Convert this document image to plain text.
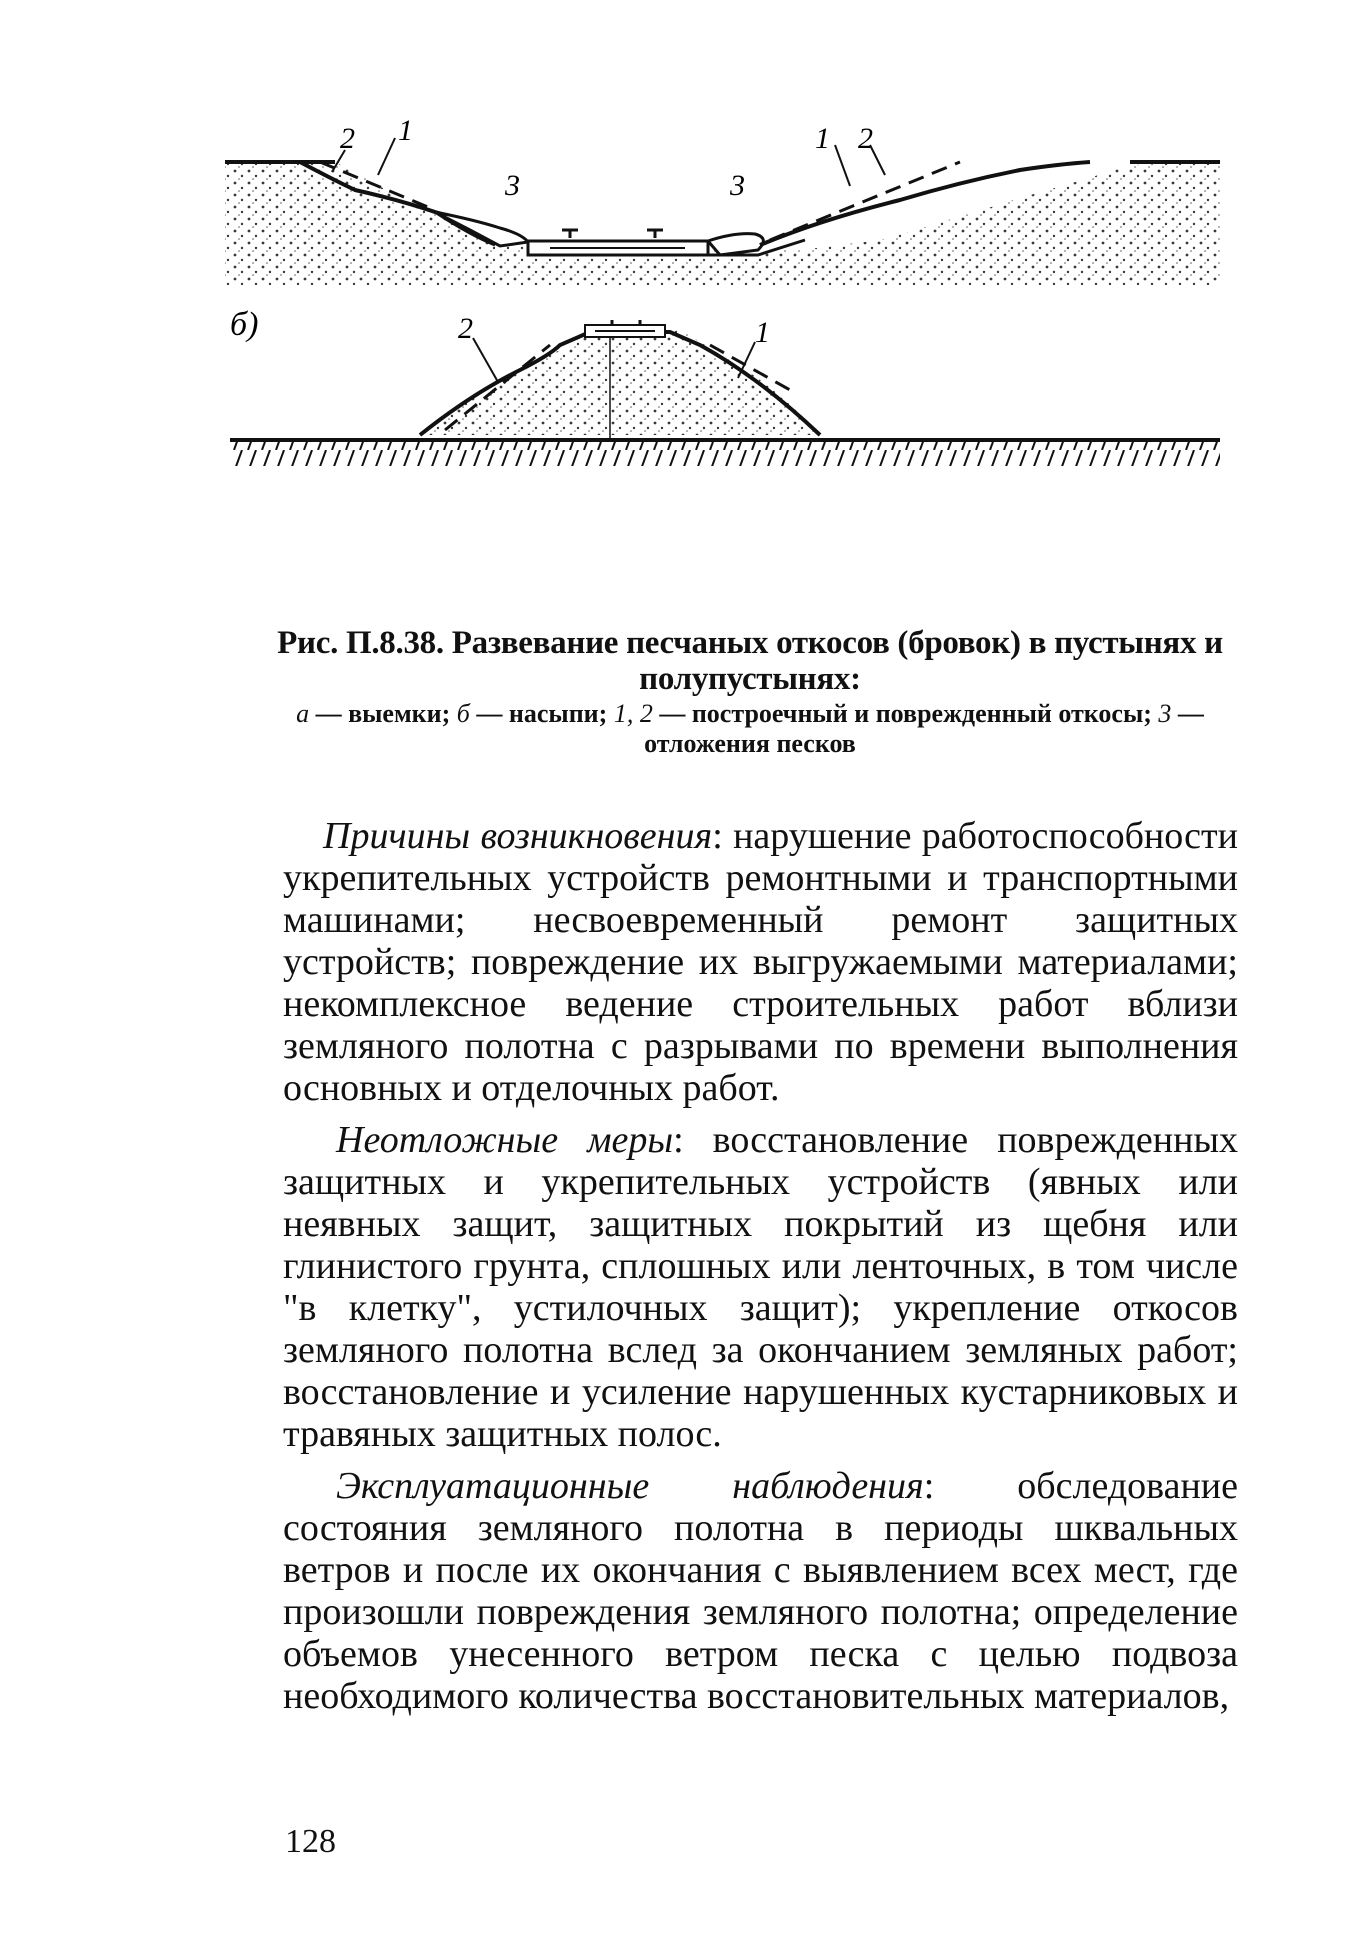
2 1
3	3
1 2
б)	2	1
Рис. П.8.38. Развевание песчаных откосов (бровок) в пустынях и полупустынях:
а — выемки; б — насыпи; 1, 2 — построечный и поврежденный откосы; 3 — отложения песков

Причины возникновения: нарушение работоспособности укрепительных устройств ремонтными и транспортными машинами; несвоевременный ремонт защитных устройств; повреждение их выгружаемыми материалами; некомплексное ведение строительных работ вблизи земляного полотна с разрывами по времени выполнения основных и отделочных работ.

Неотложные меры: восстановление поврежденных защитных и укрепительных устройств (явных или неявных защит, защитных покрытий из щебня или глинистого грунта, сплошных или ленточных, в том числе "в клетку", устилочных защит); укрепление откосов земляного полотна вслед за окончанием земляных работ; восстановление и усиление нарушенных кустарниковых и травяных защитных полос.

Эксплуатационные наблюдения: обследование состояния земляного полотна в периоды шквальных ветров и после их окончания с выявлением всех мест, где произошли повреждения земляного полотна; определение объемов унесенного ветром песка с целью подвоза необходимого количества восстановительных материалов,

128
